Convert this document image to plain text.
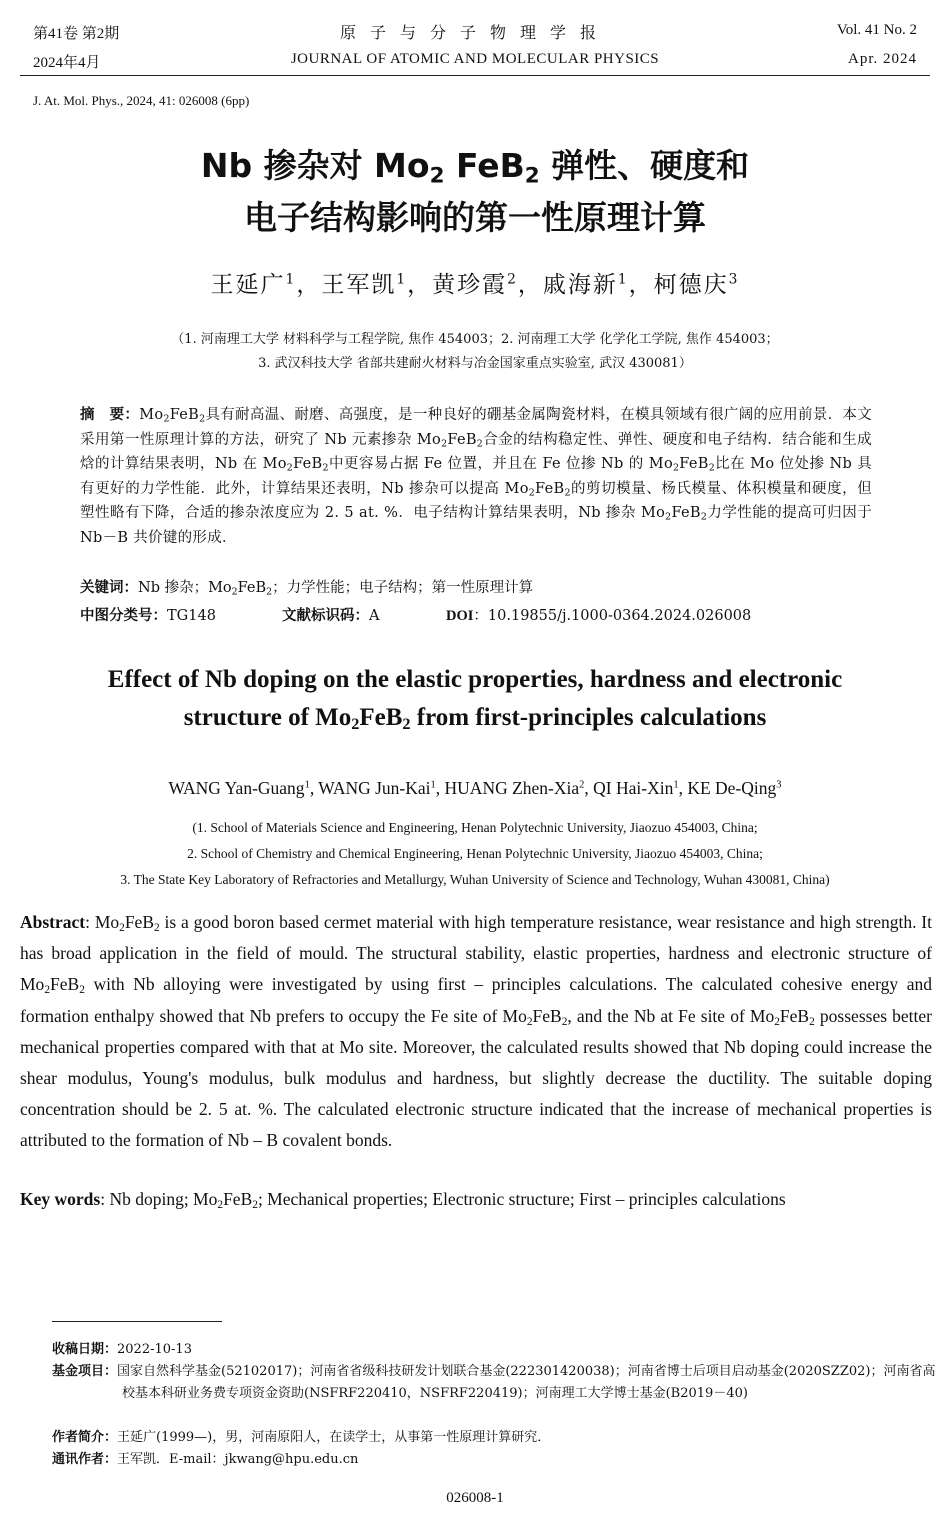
第41卷 第2期
2024年4月
原子与分子物理学报
JOURNAL OF ATOMIC AND MOLECULAR PHYSICS
Vol. 41 No. 2
Apr. 2024
J. At. Mol. Phys., 2024, 41: 026008 (6pp)
Nb 掺杂对 $Mo_2$ FeB$_2$ 弹性、硬度和
电子结构影响的第一性原理计算
王延广$^1$，王军凯$^1$，黄珍霞$^2$，戚海新$^1$，柯德庆$^3$
（1. 河南理工大学 材料科学与工程学院, 焦作 454003；2. 河南理工大学 化学化工学院, 焦作 454003；
3. 武汉科技大学 省部共建耐火材料与冶金国家重点实验室, 武汉 430081）
摘　要：$Mo_2FeB_2$具有耐高温、耐磨、高强度，是一种良好的硼基金属陶瓷材料，在模具领域有很广阔的应用前景．本文采用第一性原理计算的方法，研究了 Nb 元素掺杂 $Mo_2FeB_2$合金的结构稳定性、弹性、硬度和电子结构．结合能和生成焓的计算结果表明，Nb 在 $Mo_2FeB_2$中更容易占据 Fe 位置，并且在 Fe 位掺 Nb 的 $Mo_2FeB_2$比在 Mo 位处掺 Nb 具有更好的力学性能．此外，计算结果还表明，Nb 掺杂可以提高 $Mo_2FeB_2$的剪切模量、杨氏模量、体积模量和硬度，但塑性略有下降，合适的掺杂浓度应为 2. 5 at. %．电子结构计算结果表明，Nb 掺杂 $Mo_2FeB_2$力学性能的提高可归因于 Nb－B 共价键的形成．
关键词：Nb 掺杂；$Mo_2FeB_2$；力学性能；电子结构；第一性原理计算
中图分类号：TG148	文献标识码：A	DOI：10.19855/j.1000-0364.2024.026008
Effect of Nb doping on the elastic properties, hardness and electronic
structure of $Mo_2FeB_2$ from first-principles calculations
WANG Yan-Guang$^1$, WANG Jun-Kai$^1$, HUANG Zhen-Xia$^2$, QI Hai-Xin$^1$, KE De-Qing$^3$
(1. School of Materials Science and Engineering, Henan Polytechnic University, Jiaozuo 454003, China;
2. School of Chemistry and Chemical Engineering, Henan Polytechnic University, Jiaozuo 454003, China;
3. The State Key Laboratory of Refractories and Metallurgy, Wuhan University of Science and Technology, Wuhan 430081, China)
Abstract: $Mo_2FeB_2$ is a good boron based cermet material with high temperature resistance, wear resistance and high strength. It has broad application in the field of mould. The structural stability, elastic properties, hardness and electronic structure of $Mo_2FeB_2$ with Nb alloying were investigated by using first – principles calculations. The calculated cohesive energy and formation enthalpy showed that Nb prefers to occupy the Fe site of $Mo_2FeB_2$, and the Nb at Fe site of $Mo_2FeB_2$ possesses better mechanical properties compared with that at Mo site. Moreover, the calculated results showed that Nb doping could increase the shear modulus, Young's modulus, bulk modulus and hardness, but slightly decrease the ductility. The suitable doping concentration should be 2. 5 at. %. The calculated electronic structure indicated that the increase of mechanical properties is attributed to the formation of Nb – B covalent bonds.
Key words: Nb doping; $Mo_2FeB_2$; Mechanical properties; Electronic structure; First – principles calculations
收稿日期：2022-10-13
基金项目：国家自然科学基金(52102017)；河南省省级科技研发计划联合基金(222301420038)；河南省博士后项目启动基金(2020SZZ02)；河南省高校基本科研业务费专项资金资助(NSFRF220410，NSFRF220419)；河南理工大学博士基金(B2019－40)
作者简介：王延广(1999—)，男，河南原阳人，在读学士，从事第一性原理计算研究．
通讯作者：王军凯．E-mail：jkwang@hpu.edu.cn
026008-1
